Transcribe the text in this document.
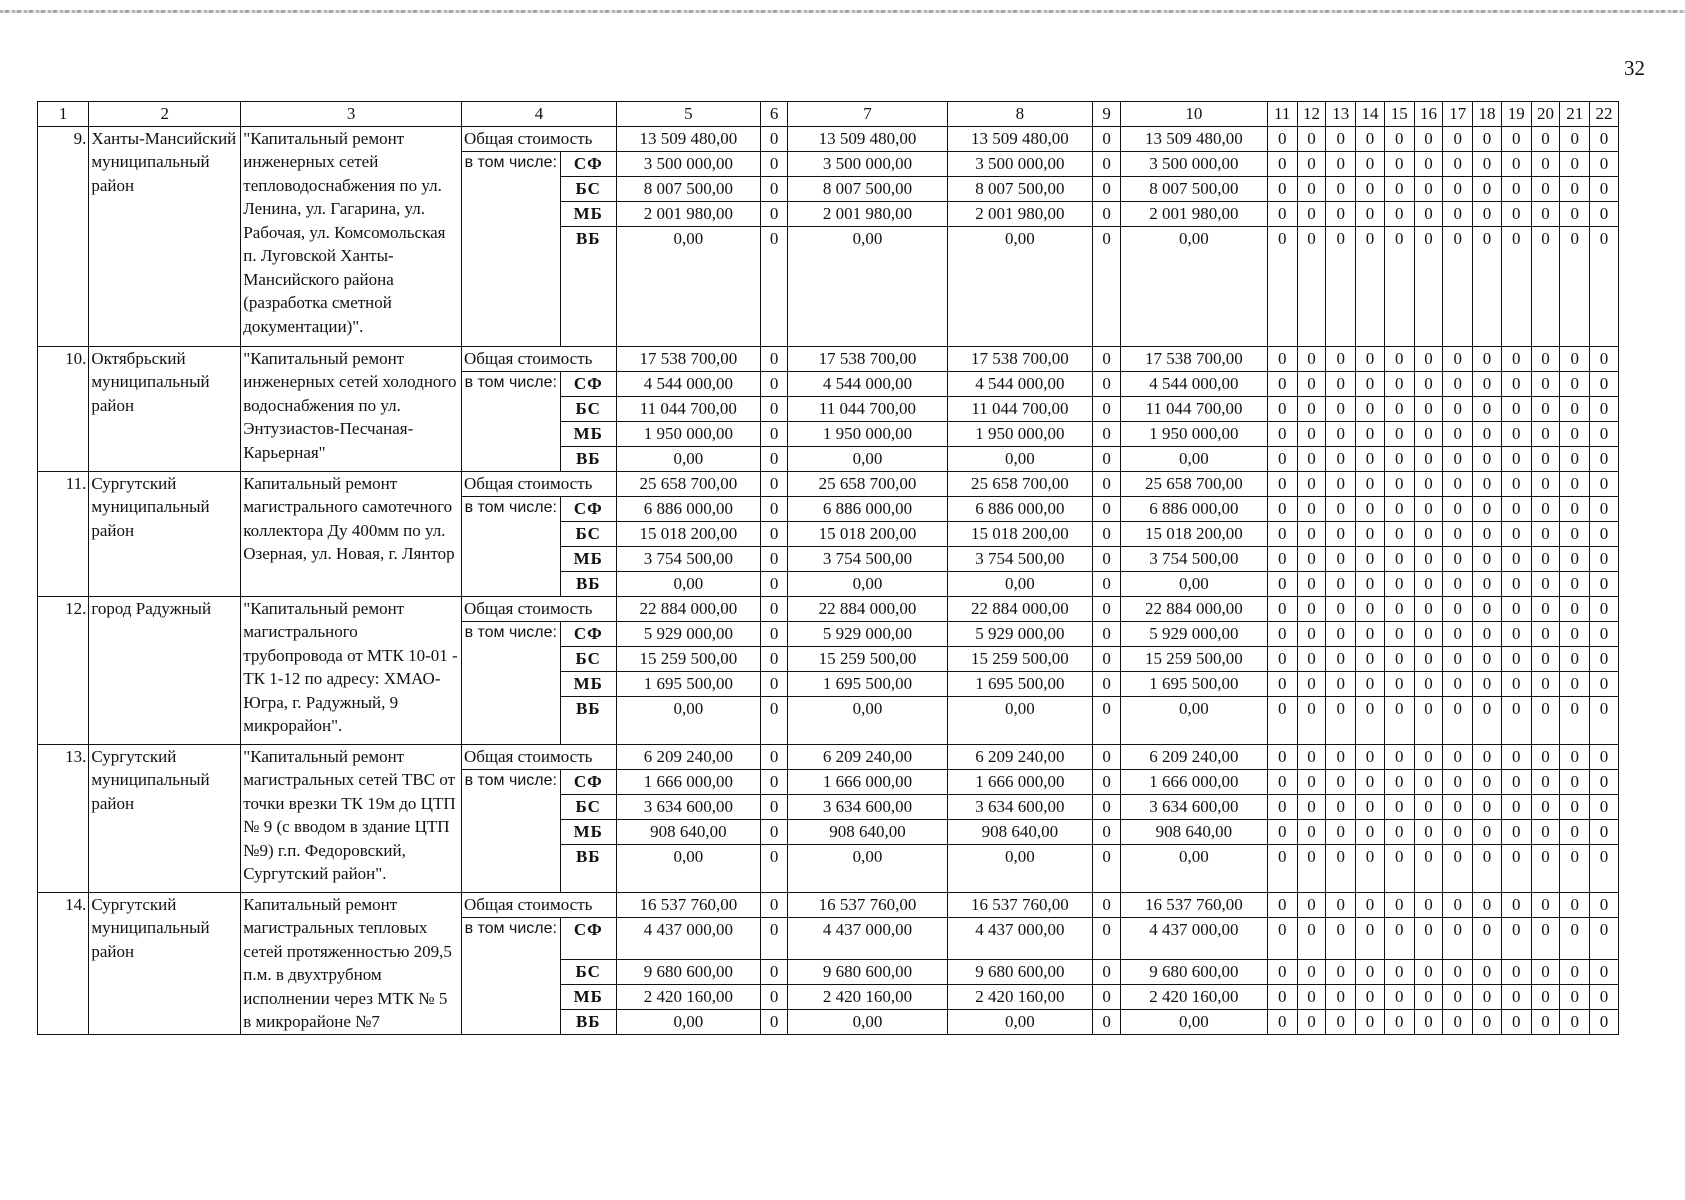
32
1	2	3	4		5	6	7	8	9	10	11	12	13	14	15	16	17	18	19	20	21	22
9.	Ханты-Мансийский муниципальный район	"Капитальный ремонт инженерных сетей тепловодоснабжения по ул. Ленина, ул. Гагарина, ул. Рабочая, ул. Комсомольская п. Луговской Ханты-Мансийского района (разработка сметной документации)".	Общая стоимость		13 509 480,00	0	13 509 480,00	13 509 480,00	0	13 509 480,00	0	0	0	0	0	0	0	0	0	0	0	0
			в том числе:	СФ	3 500 000,00	0	3 500 000,00	3 500 000,00	0	3 500 000,00	0	0	0	0	0	0	0	0	0	0	0	0
				БС	8 007 500,00	0	8 007 500,00	8 007 500,00	0	8 007 500,00	0	0	0	0	0	0	0	0	0	0	0	0
				МБ	2 001 980,00	0	2 001 980,00	2 001 980,00	0	2 001 980,00	0	0	0	0	0	0	0	0	0	0	0	0
				ВБ	0,00	0	0,00	0,00	0	0,00	0	0	0	0	0	0	0	0	0	0	0	0
10.	Октябрьский муниципальный район	"Капитальный ремонт инженерных сетей холодного водоснабжения по ул. Энтузиастов-Песчаная-Карьерная"	Общая стоимость		17 538 700,00	0	17 538 700,00	17 538 700,00	0	17 538 700,00	0	0	0	0	0	0	0	0	0	0	0	0
			в том числе:	СФ	4 544 000,00	0	4 544 000,00	4 544 000,00	0	4 544 000,00	0	0	0	0	0	0	0	0	0	0	0	0
				БС	11 044 700,00	0	11 044 700,00	11 044 700,00	0	11 044 700,00	0	0	0	0	0	0	0	0	0	0	0	0
				МБ	1 950 000,00	0	1 950 000,00	1 950 000,00	0	1 950 000,00	0	0	0	0	0	0	0	0	0	0	0	0
				ВБ	0,00	0	0,00	0,00	0	0,00	0	0	0	0	0	0	0	0	0	0	0	0
11.	Сургутский муниципальный район	Капитальный ремонт магистрального самотечного коллектора Ду 400мм по ул. Озерная, ул. Новая, г. Лянтор	Общая стоимость		25 658 700,00	0	25 658 700,00	25 658 700,00	0	25 658 700,00	0	0	0	0	0	0	0	0	0	0	0	0
			в том числе:	СФ	6 886 000,00	0	6 886 000,00	6 886 000,00	0	6 886 000,00	0	0	0	0	0	0	0	0	0	0	0	0
				БС	15 018 200,00	0	15 018 200,00	15 018 200,00	0	15 018 200,00	0	0	0	0	0	0	0	0	0	0	0	0
				МБ	3 754 500,00	0	3 754 500,00	3 754 500,00	0	3 754 500,00	0	0	0	0	0	0	0	0	0	0	0	0
				ВБ	0,00	0	0,00	0,00	0	0,00	0	0	0	0	0	0	0	0	0	0	0	0
12.	город Радужный	"Капитальный ремонт магистрального трубопровода от МТК 10-01 - ТК 1-12 по адресу: ХМАО-Югра, г. Радужный, 9 микрорайон".	Общая стоимость		22 884 000,00	0	22 884 000,00	22 884 000,00	0	22 884 000,00	0	0	0	0	0	0	0	0	0	0	0	0
			в том числе:	СФ	5 929 000,00	0	5 929 000,00	5 929 000,00	0	5 929 000,00	0	0	0	0	0	0	0	0	0	0	0	0
				БС	15 259 500,00	0	15 259 500,00	15 259 500,00	0	15 259 500,00	0	0	0	0	0	0	0	0	0	0	0	0
				МБ	1 695 500,00	0	1 695 500,00	1 695 500,00	0	1 695 500,00	0	0	0	0	0	0	0	0	0	0	0	0
				ВБ	0,00	0	0,00	0,00	0	0,00	0	0	0	0	0	0	0	0	0	0	0	0
13.	Сургутский муниципальный район	"Капитальный ремонт магистральных сетей ТВС от точки врезки ТК 19м до ЦТП № 9 (с вводом в здание ЦТП №9) г.п. Федоровский, Сургутский район".	Общая стоимость		6 209 240,00	0	6 209 240,00	6 209 240,00	0	6 209 240,00	0	0	0	0	0	0	0	0	0	0	0	0
			в том числе:	СФ	1 666 000,00	0	1 666 000,00	1 666 000,00	0	1 666 000,00	0	0	0	0	0	0	0	0	0	0	0	0
				БС	3 634 600,00	0	3 634 600,00	3 634 600,00	0	3 634 600,00	0	0	0	0	0	0	0	0	0	0	0	0
				МБ	908 640,00	0	908 640,00	908 640,00	0	908 640,00	0	0	0	0	0	0	0	0	0	0	0	0
				ВБ	0,00	0	0,00	0,00	0	0,00	0	0	0	0	0	0	0	0	0	0	0	0
14.	Сургутский муниципальный район	Капитальный ремонт магистральных тепловых сетей протяженностью 209,5 п.м. в двухтрубном исполнении через МТК № 5 в микрорайоне №7	Общая стоимость		16 537 760,00	0	16 537 760,00	16 537 760,00	0	16 537 760,00	0	0	0	0	0	0	0	0	0	0	0	0
			в том числе:	СФ	4 437 000,00	0	4 437 000,00	4 437 000,00	0	4 437 000,00	0	0	0	0	0	0	0	0	0	0	0	0
				БС	9 680 600,00	0	9 680 600,00	9 680 600,00	0	9 680 600,00	0	0	0	0	0	0	0	0	0	0	0	0
				МБ	2 420 160,00	0	2 420 160,00	2 420 160,00	0	2 420 160,00	0	0	0	0	0	0	0	0	0	0	0	0
				ВБ	0,00	0	0,00	0,00	0	0,00	0	0	0	0	0	0	0	0	0	0	0	0
